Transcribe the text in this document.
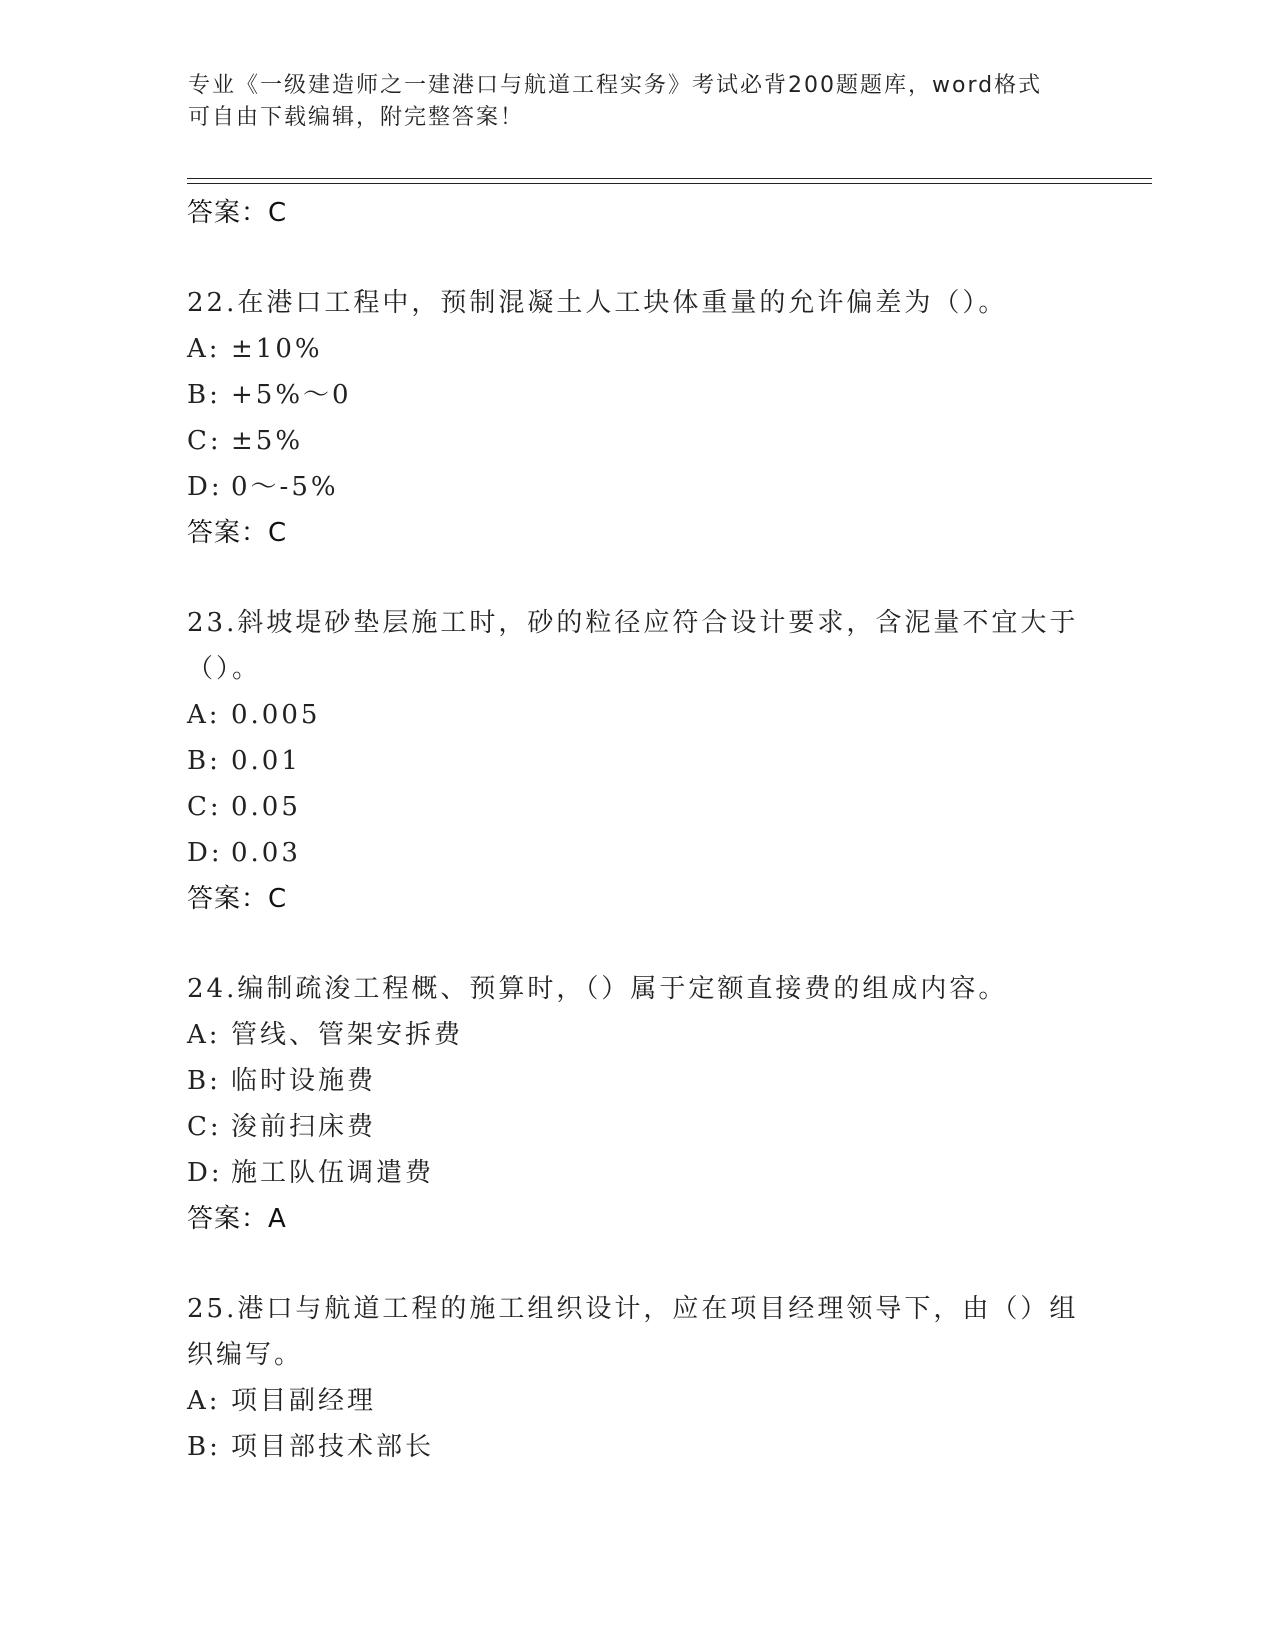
专业《一级建造师之一建港口与航道工程实务》考试必背200题题库，word格式
可自由下载编辑，附完整答案！
答案：C
22.在港口工程中，预制混凝土人工块体重量的允许偏差为（）。
A: ±10%
B: +5%～0
C: ±5%
D: 0～-5%
答案：C
23.斜坡堤砂垫层施工时，砂的粒径应符合设计要求，含泥量不宜大于
（）。
A: 0.005
B: 0.01
C: 0.05
D: 0.03
答案：C
24.编制疏浚工程概、预算时，（）属于定额直接费的组成内容。
A: 管线、管架安拆费
B: 临时设施费
C: 浚前扫床费
D: 施工队伍调遣费
答案：A
25.港口与航道工程的施工组织设计，应在项目经理领导下，由（）组
织编写。
A: 项目副经理
B: 项目部技术部长
